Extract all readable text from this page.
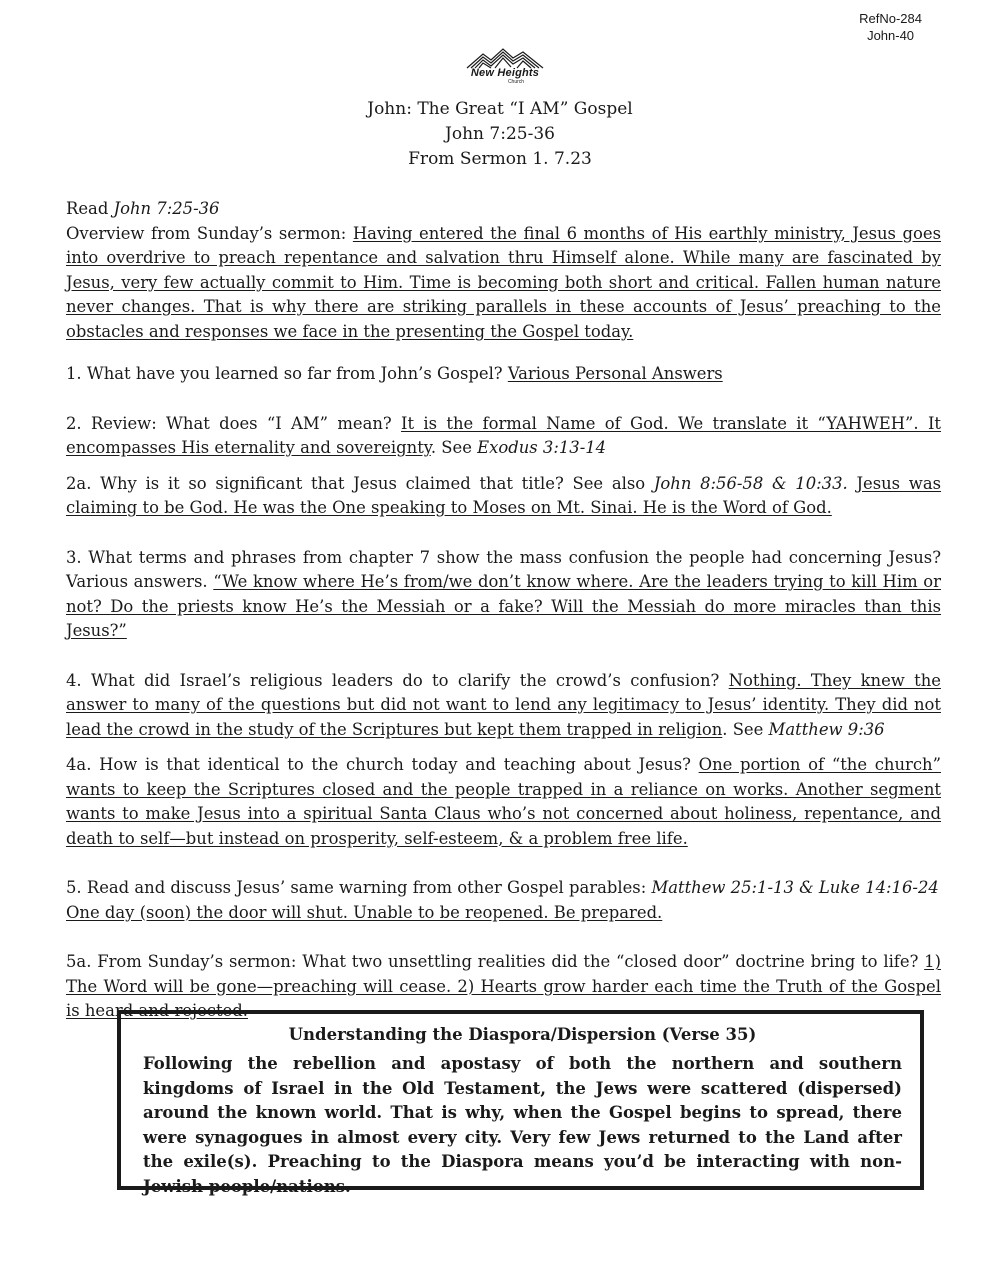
RefNo-284
John-40
New Heights
Church
John: The Great “I AM” Gospel
John 7:25-36
From Sermon 1. 7.23

Read John 7:25-36

Overview from Sunday’s sermon: Having entered the final 6 months of His earthly ministry, Jesus goes into overdrive to preach repentance and salvation thru Himself alone. While many are fascinated by Jesus, very few actually commit to Him. Time is becoming both short and critical. Fallen human nature never changes. That is why there are striking parallels in these accounts of Jesus’ preaching to the obstacles and responses we face in the presenting the Gospel today.

1. What have you learned so far from John’s Gospel? Various Personal Answers

2. Review: What does “I AM” mean? It is the formal Name of God. We translate it “YAHWEH”. It encompasses His eternality and sovereignty. See Exodus 3:13-14

2a. Why is it so significant that Jesus claimed that title? See also John 8:56-58 & 10:33. Jesus was claiming to be God. He was the One speaking to Moses on Mt. Sinai. He is the Word of God.

3. What terms and phrases from chapter 7 show the mass confusion the people had concerning Jesus? Various answers. “We know where He’s from/we don’t know where. Are the leaders trying to kill Him or not? Do the priests know He’s the Messiah or a fake? Will the Messiah do more miracles than this Jesus?”

4. What did Israel’s religious leaders do to clarify the crowd’s confusion? Nothing. They knew the answer to many of the questions but did not want to lend any legitimacy to Jesus’ identity. They did not lead the crowd in the study of the Scriptures but kept them trapped in religion. See Matthew 9:36

4a. How is that identical to the church today and teaching about Jesus? One portion of “the church” wants to keep the Scriptures closed and the people trapped in a reliance on works. Another segment wants to make Jesus into a spiritual Santa Claus who’s not concerned about holiness, repentance, and death to self—but instead on prosperity, self-esteem, & a problem free life.

5. Read and discuss Jesus’ same warning from other Gospel parables: Matthew 25:1-13 & Luke 14:16-24
One day (soon) the door will shut. Unable to be reopened. Be prepared.

5a. From Sunday’s sermon: What two unsettling realities did the “closed door” doctrine bring to life? 1) The Word will be gone—preaching will cease. 2) Hearts grow harder each time the Truth of the Gospel is heard and rejected.

Understanding the Diaspora/Dispersion (Verse 35)

Following the rebellion and apostasy of both the northern and southern kingdoms of Israel in the Old Testament, the Jews were scattered (dispersed) around the known world. That is why, when the Gospel begins to spread, there were synagogues in almost every city. Very few Jews returned to the Land after the exile(s). Preaching to the Diaspora means you’d be interacting with non-Jewish people/nations.
